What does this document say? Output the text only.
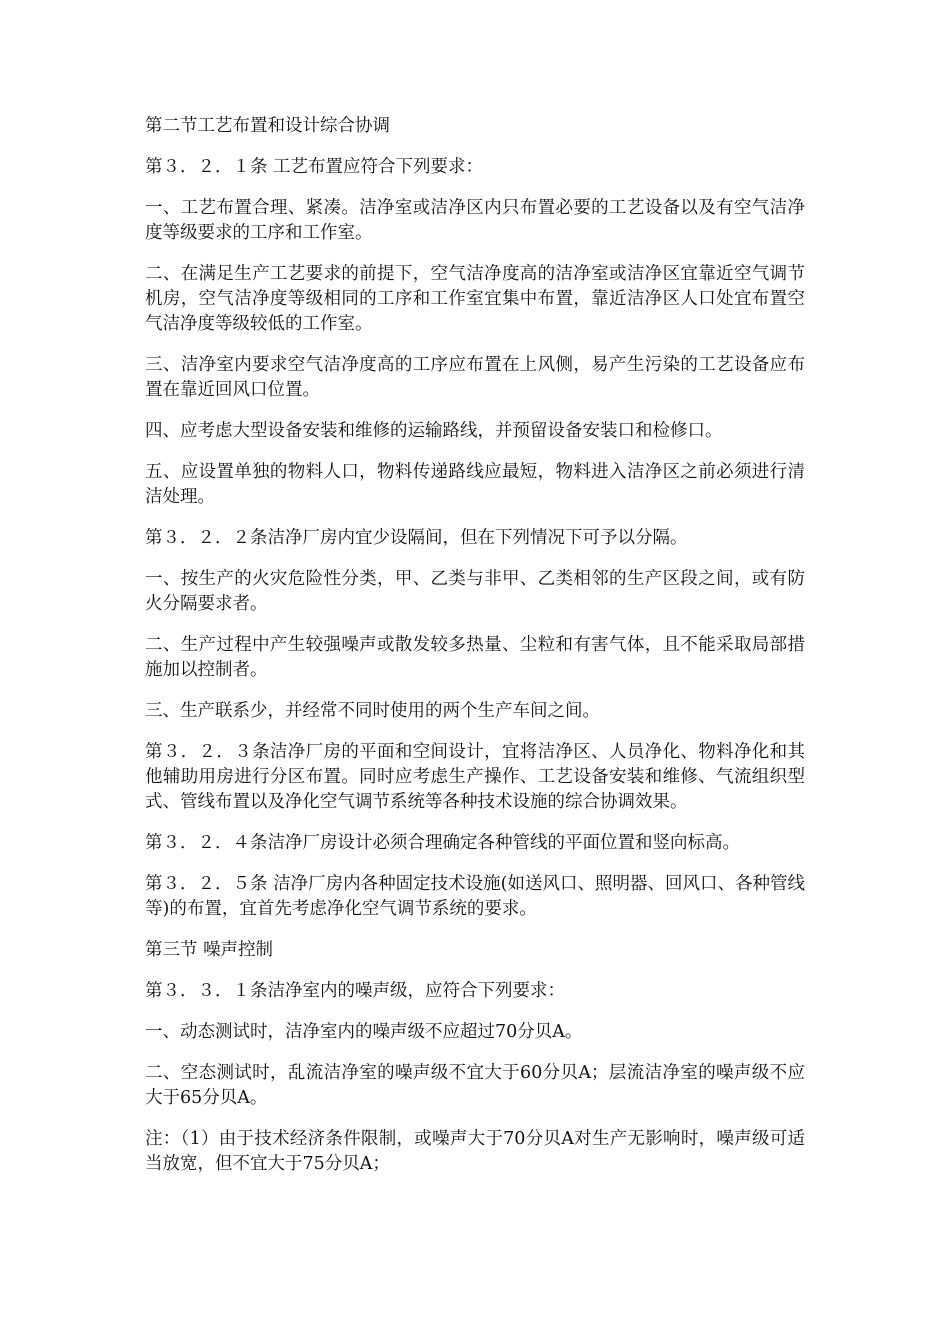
第二节工艺布置和设计综合协调

第３．２．１条 工艺布置应符合下列要求：

一、工艺布置合理、紧凑。洁净室或洁净区内只布置必要的工艺设备以及有空气洁净度等级要求的工序和工作室。

二、在满足生产工艺要求的前提下，空气洁净度高的洁净室或洁净区宜靠近空气调节机房，空气洁净度等级相同的工序和工作室宜集中布置，靠近洁净区人口处宜布置空气洁净度等级较低的工作室。

三、洁净室内要求空气洁净度高的工序应布置在上风侧，易产生污染的工艺设备应布置在靠近回风口位置。

四、应考虑大型设备安装和维修的运输路线，并预留设备安装口和检修口。

五、应设置单独的物料人口，物料传递路线应最短，物料进入洁净区之前必须进行清洁处理。

第３．２．２条洁净厂房内宜少设隔间，但在下列情况下可予以分隔。

一、按生产的火灾危险性分类，甲、乙类与非甲、乙类相邻的生产区段之间，或有防火分隔要求者。

二、生产过程中产生较强噪声或散发较多热量、尘粒和有害气体，且不能采取局部措施加以控制者。

三、生产联系少，并经常不同时使用的两个生产车间之间。

第３．２．３条洁净厂房的平面和空间设计，宜将洁净区、人员净化、物料净化和其他辅助用房进行分区布置。同时应考虑生产操作、工艺设备安装和维修、气流组织型式、管线布置以及净化空气调节系统等各种技术设施的综合协调效果。

第３．２．４条洁净厂房设计必须合理确定各种管线的平面位置和竖向标高。

第３．２．５条 洁净厂房内各种固定技术设施(如送风口、照明器、回风口、各种管线等)的布置，宜首先考虑净化空气调节系统的要求。

第三节 噪声控制

第３．３．１条洁净室内的噪声级，应符合下列要求：

一、动态测试时，洁净室内的噪声级不应超过70分贝A。

二、空态测试时，乱流洁净室的噪声级不宜大于60分贝A；层流洁净室的噪声级不应大于65分贝A。

注：（1）由于技术经济条件限制，或噪声大于70分贝A对生产无影响时，噪声级可适当放宽，但不宜大于75分贝A；
